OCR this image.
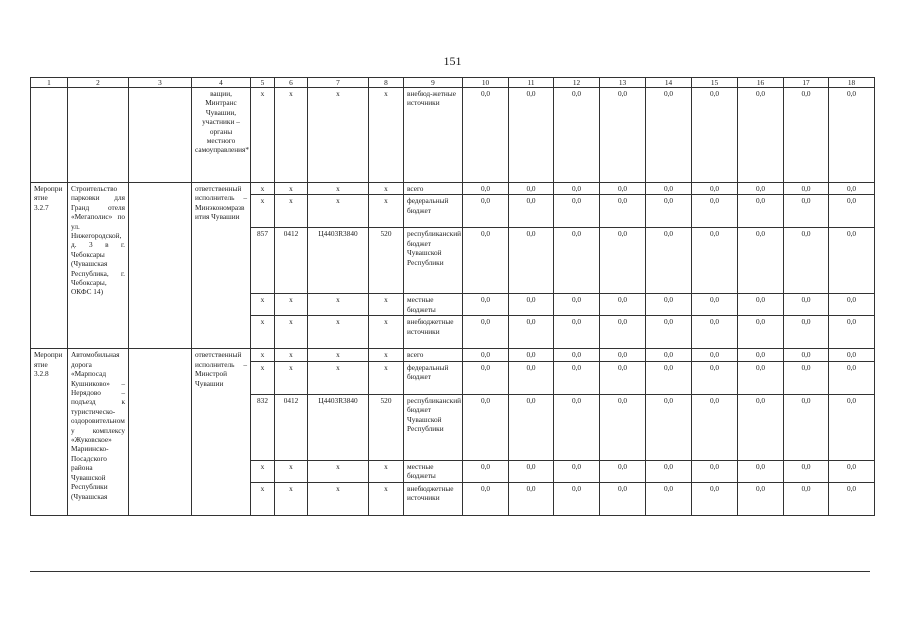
151
1	2	3	4	5	6	7	8	9	10	11	12	13	14	15	16	17	18
			ващии, Минтранс Чувашии, участники – органы местного самоуправления*	x	x	x	x	внебюд-жетные источники	0,0	0,0	0,0	0,0	0,0	0,0	0,0	0,0	0,0
Мероприятие 3.2.7	Строительство парковки для Гранд отеля «Мегаполис» по ул. Нижегородской, д. 3 в г. Чебоксары (Чувашская Республика, г. Чебоксары, ОКФС 14)		ответственный исполнитель – Минэкономразвития Чувашии	x	x	x	x	всего	0,0	0,0	0,0	0,0	0,0	0,0	0,0	0,0	0,0
				x	x	x	x	федеральный бюджет	0,0	0,0	0,0	0,0	0,0	0,0	0,0	0,0	0,0
				857	0412	Ц4403R3840	520	республиканский бюджет Чувашской Республики	0,0	0,0	0,0	0,0	0,0	0,0	0,0	0,0	0,0
				x	x	x	x	местные бюджеты	0,0	0,0	0,0	0,0	0,0	0,0	0,0	0,0	0,0
				x	x	x	x	внебюджетные источники	0,0	0,0	0,0	0,0	0,0	0,0	0,0	0,0	0,0
Мероприятие 3.2.8	Автомобильная дорога «Марпосад Кушниково» – Нерядово – подъезд к туристическо-оздоровительному комплексу «Жуковское» Мариинско-Посадского района Чувашской Республики (Чувашская		ответственный исполнитель – Минстрой Чувашии	x	x	x	x	всего	0,0	0,0	0,0	0,0	0,0	0,0	0,0	0,0	0,0
				x	x	x	x	федеральный бюджет	0,0	0,0	0,0	0,0	0,0	0,0	0,0	0,0	0,0
				832	0412	Ц4403R3840	520	республиканский бюджет Чувашской Республики	0,0	0,0	0,0	0,0	0,0	0,0	0,0	0,0	0,0
				x	x	x	x	местные бюджеты	0,0	0,0	0,0	0,0	0,0	0,0	0,0	0,0	0,0
				x	x	x	x	внебюджетные источники	0,0	0,0	0,0	0,0	0,0	0,0	0,0	0,0	0,0
